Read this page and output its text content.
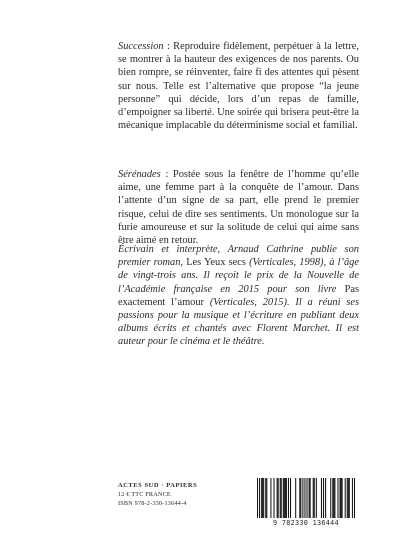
Succession : Reproduire fidèlement, perpétuer à la lettre, se montrer à la hauteur des exigences de nos parents. Ou bien rompre, se réinventer, faire fi des attentes qui pèsent sur nous. Telle est l’alternative que propose “la jeune personne” qui décide, lors d’un repas de famille, d’empoigner sa liberté. Une soirée qui brisera peut-être la mécanique implacable du déterminisme social et familial.
Sérénades : Postée sous la fenêtre de l’homme qu’elle aime, une femme part à la conquête de l’amour. Dans l’attente d’un signe de sa part, elle prend le premier risque, celui de dire ses sentiments. Un monologue sur la furie amoureuse et sur la solitude de celui qui aime sans être aimé en retour.
Écrivain et interprète, Arnaud Cathrine publie son premier roman, Les Yeux secs (Verticales, 1998), à l’âge de vingt-trois ans. Il reçoit le prix de la Nouvelle de l’Académie française en 2015 pour son livre Pas exactement l’amour (Verticales, 2015). Il a réuni ses passions pour la musique et l’écriture en publiant deux albums écrits et chantés avec Florent Marchet. Il est auteur pour le cinéma et le théâtre.
ACTES SUD · PAPIERS
12 € TTC FRANCE
ISBN 978-2-330-13644-4
9 782330 136444
